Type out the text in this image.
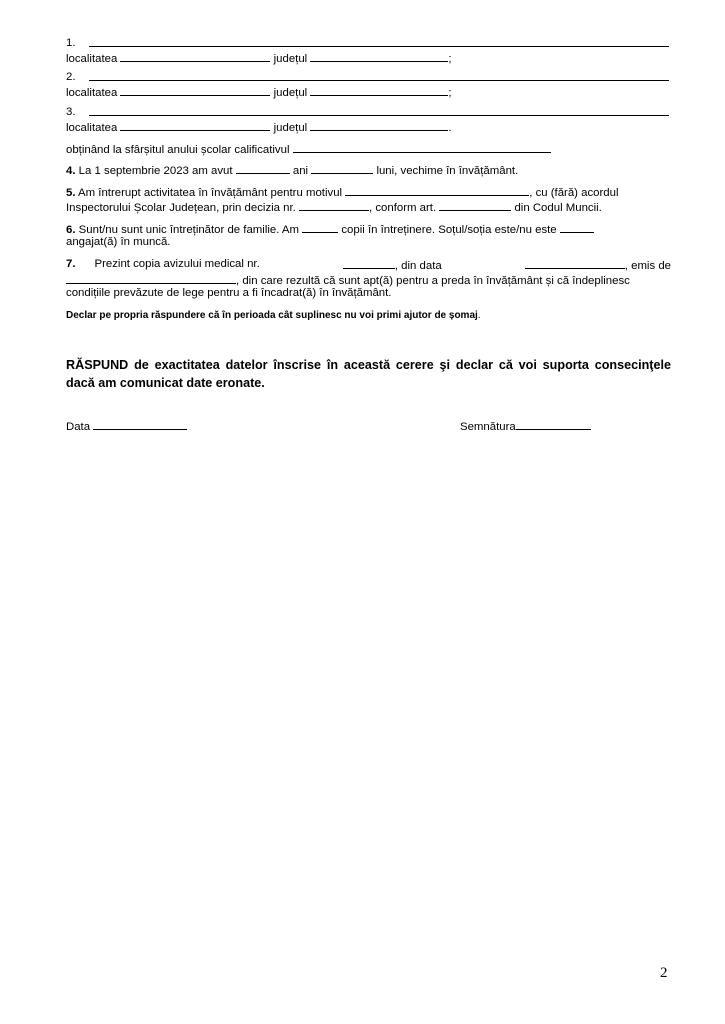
1.
localitatea	județul	;
2.
localitatea	județul	;
3.
localitatea	județul	.
obținând la sfârșitul anului școlar calificativul
4. La 1 septembrie 2023 am avut	ani	luni, vechime în învățământ.
5. Am întrerupt activitatea în învățământ pentru motivul	, cu (fără) acordul
Inspectorului Școlar Județean, prin decizia nr.	, conform art.	din Codul Muncii.
6. Sunt/nu sunt unic întreținător de familie. Am	copii în întreținere. Soțul/soția este/nu este
angajat(ă) în muncă.
7. Prezint copia avizului medical nr.	, din data	, emis de
, din care rezultă că sunt apt(ă) pentru a preda în învățământ și că îndeplinesc
condițiile prevăzute de lege pentru a fi încadrat(ă) în învățământ.
Declar pe propria răspundere că în perioada cât suplinesc nu voi primi ajutor de șomaj.
RĂSPUND de exactitatea datelor înscrise în această cerere şi declar că voi suporta consecinţele dacă am comunicat date eronate.
Data	Semnătura
2
